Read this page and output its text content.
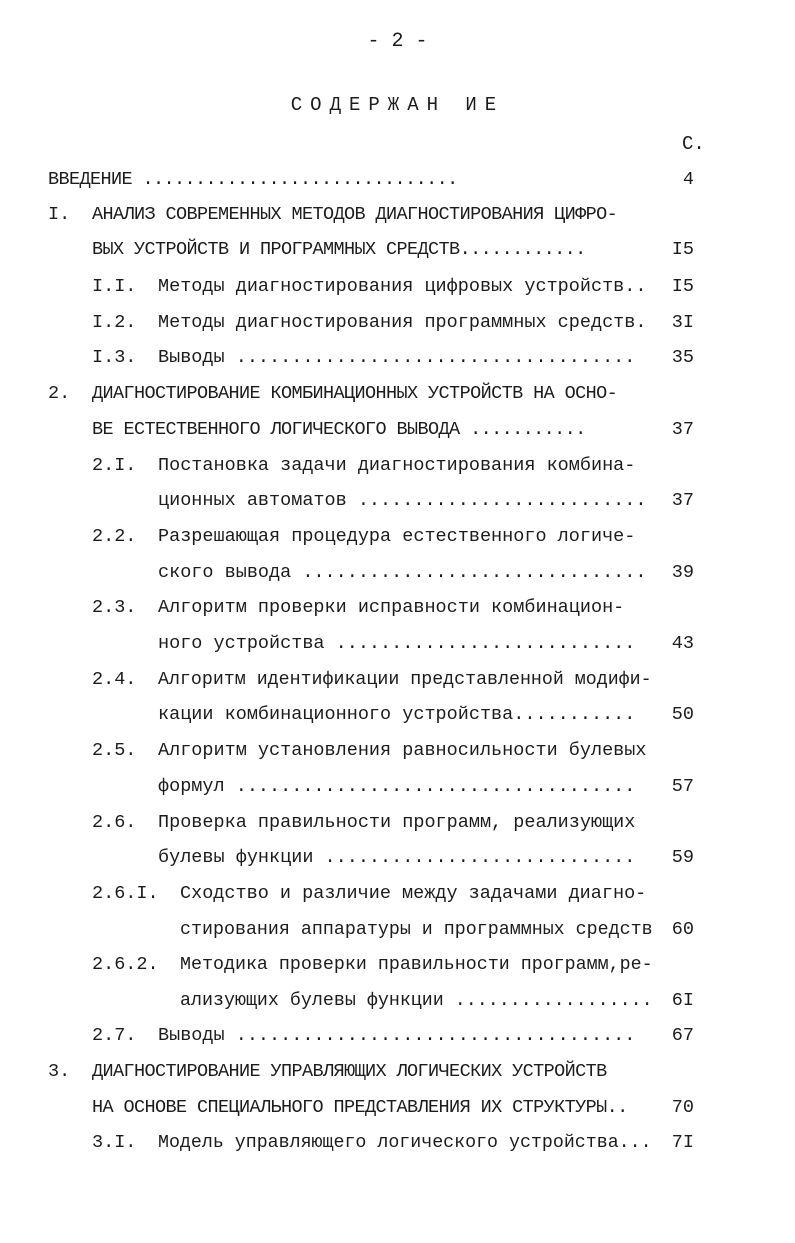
- 2 -
СОДЕРЖАН ИЕ
С.
ВВЕДЕНИЕ ..............................	4
I. АНАЛИЗ СОВРЕМЕННЫХ МЕТОДОВ ДИАГНОСТИРОВАНИЯ ЦИФРО-
ВЫХ УСТРОЙСТВ И ПРОГРАММНЫХ СРЕДСТВ............	I5
I.I. Методы диагностирования цифровых устройств..	I5
I.2. Методы диагностирования программных средств.	3I
I.3. Выводы ....................................	35
2. ДИАГНОСТИРОВАНИЕ КОМБИНАЦИОННЫХ УСТРОЙСТВ НА ОСНО-
ВЕ ЕСТЕСТВЕННОГО ЛОГИЧЕСКОГО ВЫВОДА ...........	37
2.I. Постановка задачи диагностирования комбина-
ционных автоматов ..........................	37
2.2. Разрешающая процедура естественного логиче-
ского вывода ...............................	39
2.3. Алгоритм проверки исправности комбинацион-
ного устройства ...........................	43
2.4. Алгоритм идентификации представленной модифи-
кации комбинационного устройства...........	50
2.5. Алгоритм установления равносильности булевых
формул ....................................	57
2.6. Проверка правильности программ, реализующих
булевы функции ............................	59
2.6.I. Сходство и различие между задачами диагно-
стирования аппаратуры и программных средств	60
2.6.2. Методика проверки правильности программ,ре-
ализующих булевы функции ..................	6I
2.7. Выводы ....................................	67
3. ДИАГНОСТИРОВАНИЕ УПРАВЛЯЮЩИХ ЛОГИЧЕСКИХ УСТРОЙСТВ
НА ОСНОВЕ СПЕЦИАЛЬНОГО ПРЕДСТАВЛЕНИЯ ИХ СТРУКТУРЫ..	70
3.I. Модель управляющего логического устройства...	7I
